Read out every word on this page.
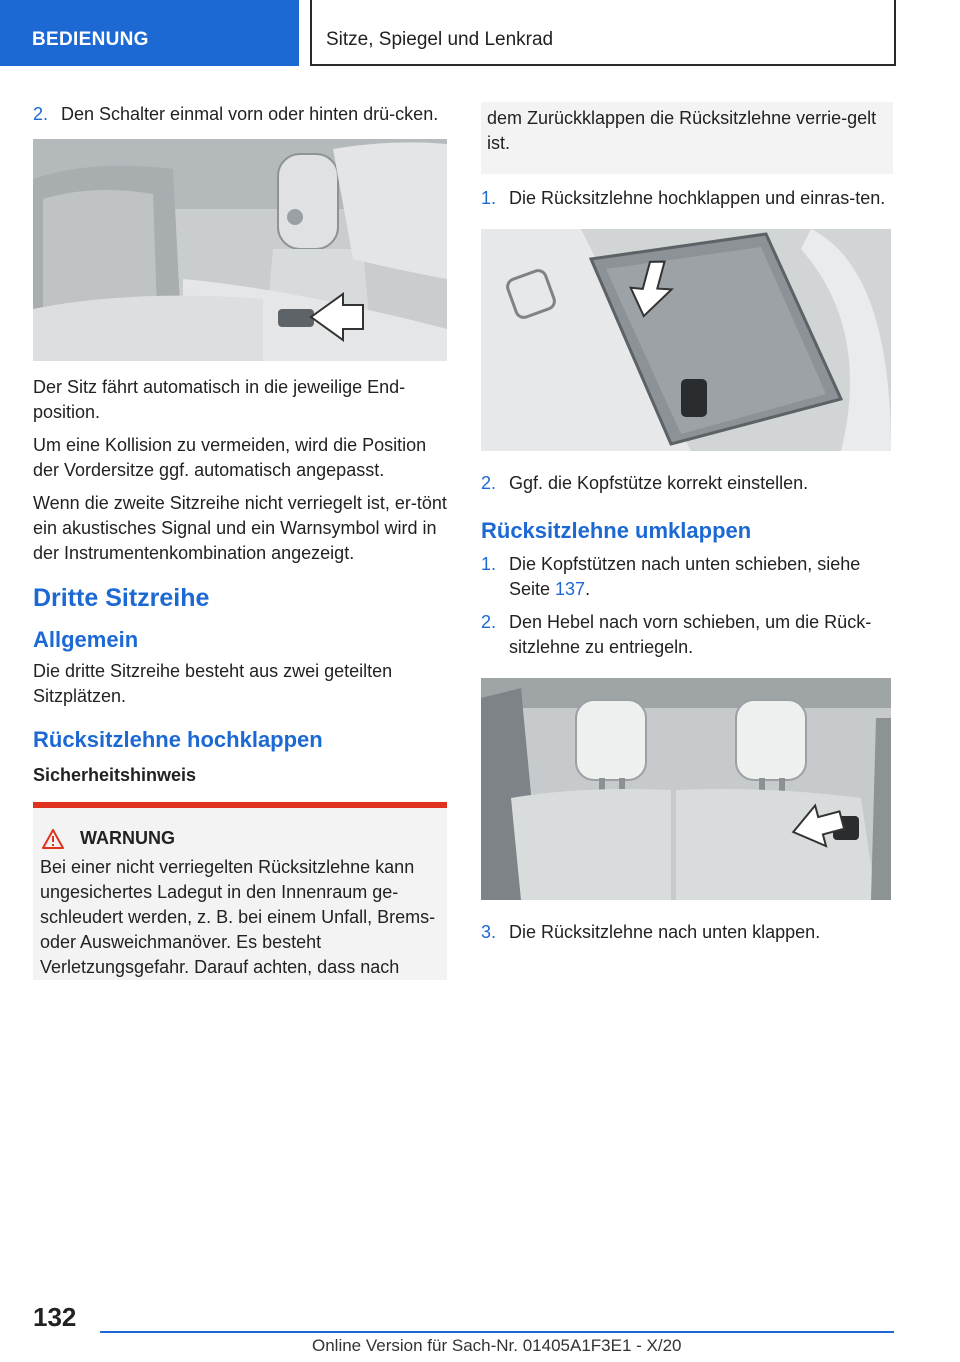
BEDIENUNG	Sitze, Spiegel und Lenkrad
2. Den Schalter einmal vorn oder hinten drü-cken.

Der Sitz fährt automatisch in die jeweilige End-position.

Um eine Kollision zu vermeiden, wird die Position der Vordersitze ggf. automatisch angepasst.

Wenn die zweite Sitzreihe nicht verriegelt ist, er-tönt ein akustisches Signal und ein Warnsymbol wird in der Instrumentenkombination angezeigt.

Dritte Sitzreihe
Allgemein

Die dritte Sitzreihe besteht aus zwei geteilten Sitzplätzen.

Rücksitzlehne hochklappen
Sicherheitshinweis
WARNUNG

Bei einer nicht verriegelten Rücksitzlehne kann ungesichertes Ladegut in den Innenraum ge-schleudert werden, z. B. bei einem Unfall, Brems- oder Ausweichmanöver. Es besteht Verletzungsgefahr. Darauf achten, dass nach

dem Zurückklappen die Rücksitzlehne verrie-gelt ist.
1. Die Rücksitzlehne hochklappen und einras-ten.
2. Ggf. die Kopfstütze korrekt einstellen.
Rücksitzlehne umklappen
1. Die Kopfstützen nach unten schieben, siehe Seite 137.
2. Den Hebel nach vorn schieben, um die Rück-sitzlehne zu entriegeln.
3. Die Rücksitzlehne nach unten klappen.
132
Online Version für Sach-Nr. 01405A1F3E1 - X/20
